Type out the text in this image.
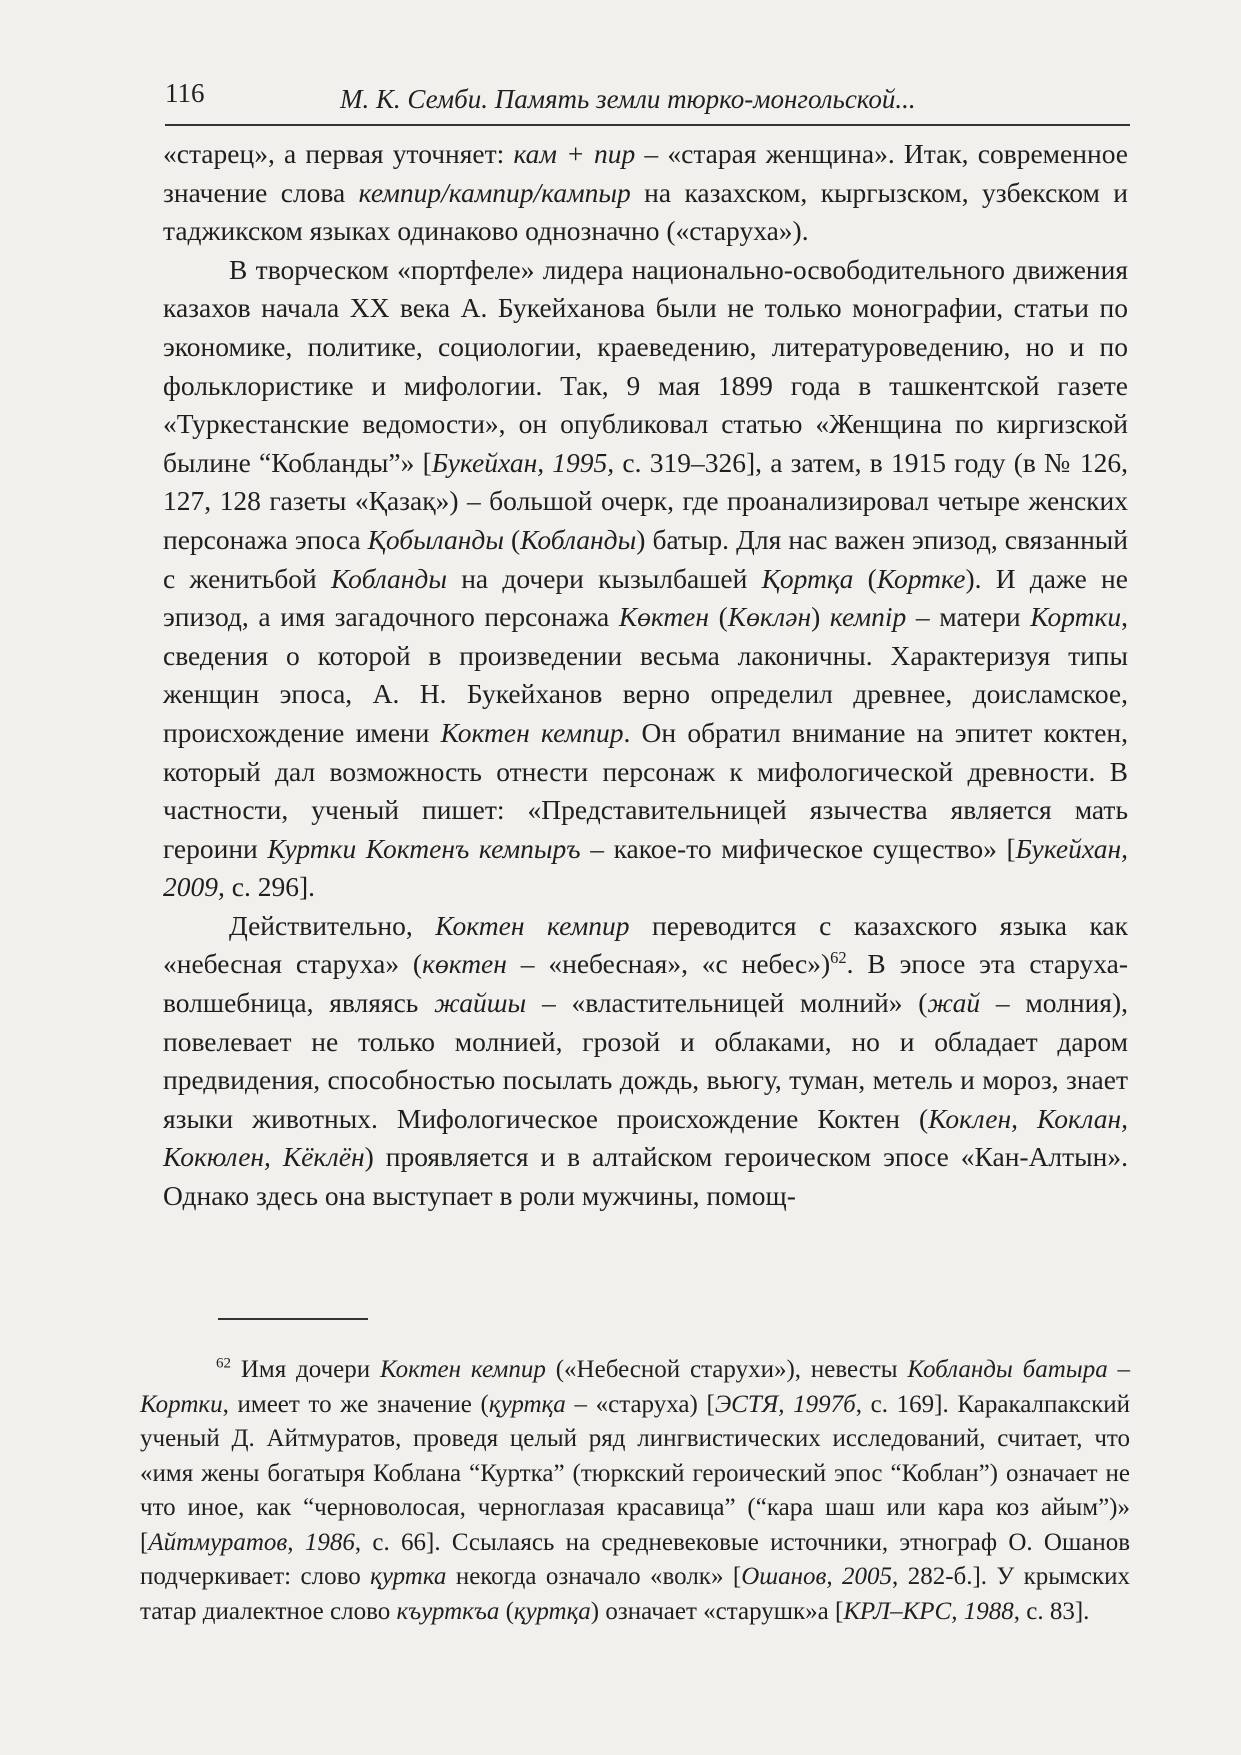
116	М. К. Семби. Память земли тюрко-монгольской...

«старец», а первая уточняет: кам + пир – «старая женщина». Итак, современное значение слова кемпир/кампир/кампыр на казахском, кыргызском, узбекском и таджикском языках одинаково однозначно («старуха»).

В творческом «портфеле» лидера национально-освободительного движения казахов начала XX века А. Букейханова были не только монографии, статьи по экономике, политике, социологии, краеведению, литературоведению, но и по фольклористике и мифологии. Так, 9 мая 1899 года в ташкентской газете «Туркестанские ведомости», он опубликовал статью «Женщина по киргизской былине “Кобланды”» [Букейхан, 1995, с. 319–326], а затем, в 1915 году (в № 126, 127, 128 газеты «Қазақ») – большой очерк, где проанализировал четыре женских персонажа эпоса Қобыланды (Кобланды) батыр. Для нас важен эпизод, связанный с женитьбой Кобланды на дочери кызылбашей Қортқа (Кортке). И даже не эпизод, а имя загадочного персонажа Көктен (Көклән) кемпір – матери Кортки, сведения о которой в произведении весьма лаконичны. Характеризуя типы женщин эпоса, А. Н. Букейханов верно определил древнее, доисламское, происхождение имени Коктен кемпир. Он обратил внимание на эпитет коктен, который дал возможность отнести персонаж к мифологической древности. В частности, ученый пишет: «Представительницей язычества является мать героини Куртки Коктенъ кемпыръ – какое-то мифическое существо» [Букейхан, 2009, с. 296].

Действительно, Коктен кемпир переводится с казахского языка как «небесная старуха» (көктен – «небесная», «с небес»)$^{62}$. В эпосе эта старуха-волшебница, являясь жайшы – «властительницей молний» (жай – молния), повелевает не только молнией, грозой и облаками, но и обладает даром предвидения, способностью посылать дождь, вьюгу, туман, метель и мороз, знает языки животных. Мифологическое происхождение Коктен (Коклен, Коклан, Кокюлен, Кёклён) проявляется и в алтайском героическом эпосе «Кан-Алтын». Однако здесь она выступает в роли мужчины, помощ-

$^{62}$ Имя дочери Коктен кемпир («Небесной старухи»), невесты Кобланды батыра – Кортки, имеет то же значение (қуртқа – «старуха) [ЭСТЯ, 1997б, с. 169]. Каракалпакский ученый Д. Айтмуратов, проведя целый ряд лингвистических исследований, считает, что «имя жены богатыря Коблана “Куртка” (тюркский героический эпос “Коблан”) означает не что иное, как “черноволосая, черноглазая красавица” (“кара шаш или кара коз айым”)» [Айтмуратов, 1986, с. 66]. Ссылаясь на средневековые источники, этнограф О. Ошанов подчеркивает: слово қуртка некогда означало «волк» [Ошанов, 2005, 282-б.]. У крымских татар диалектное слово къурткъа (қуртқа) означает «старушк»а [КРЛ–КРС, 1988, с. 83].
